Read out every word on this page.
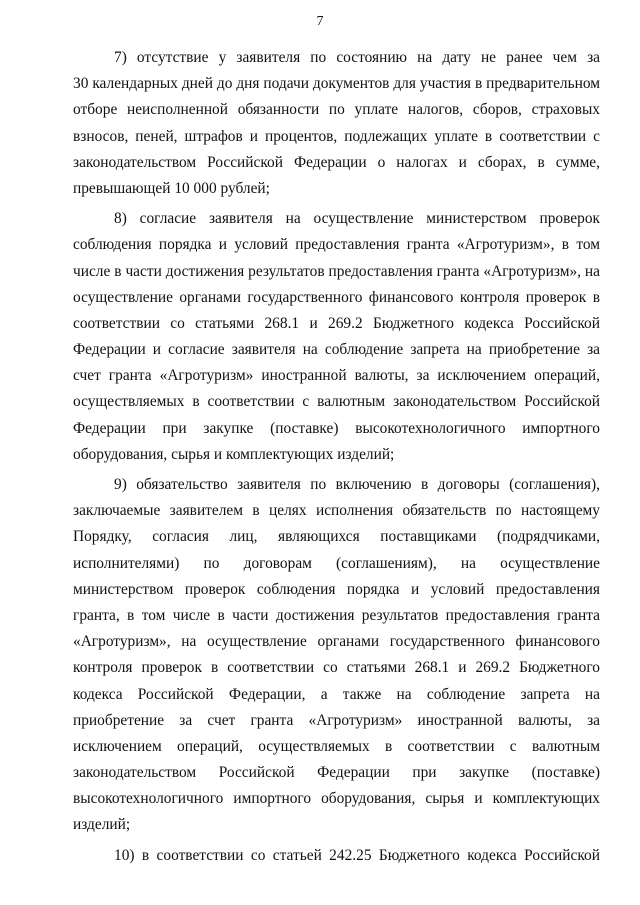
7
7) отсутствие у заявителя по состоянию на дату не ранее чем за
30 календарных дней до дня подачи документов для участия в предварительном
отборе неисполненной обязанности по уплате налогов, сборов, страховых
взносов, пеней, штрафов и процентов, подлежащих уплате в соответствии с
законодательством Российской Федерации о налогах и сборах, в сумме,
превышающей 10 000 рублей;
8) согласие заявителя на осуществление министерством проверок
соблюдения порядка и условий предоставления гранта «Агротуризм», в том
числе в части достижения результатов предоставления гранта «Агротуризм», на
осуществление органами государственного финансового контроля проверок в
соответствии со статьями 268.1 и 269.2 Бюджетного кодекса Российской
Федерации и согласие заявителя на соблюдение запрета на приобретение за
счет гранта «Агротуризм» иностранной валюты, за исключением операций,
осуществляемых в соответствии с валютным законодательством Российской
Федерации при закупке (поставке) высокотехнологичного импортного
оборудования, сырья и комплектующих изделий;
9) обязательство заявителя по включению в договоры (соглашения),
заключаемые заявителем в целях исполнения обязательств по настоящему
Порядку, согласия лиц, являющихся поставщиками (подрядчиками,
исполнителями) по договорам (соглашениям), на осуществление
министерством проверок соблюдения порядка и условий предоставления
гранта, в том числе в части достижения результатов предоставления гранта
«Агротуризм», на осуществление органами государственного финансового
контроля проверок в соответствии со статьями 268.1 и 269.2 Бюджетного
кодекса Российской Федерации, а также на соблюдение запрета на
приобретение за счет гранта «Агротуризм» иностранной валюты, за
исключением операций, осуществляемых в соответствии с валютным
законодательством Российской Федерации при закупке (поставке)
высокотехнологичного импортного оборудования, сырья и комплектующих
изделий;
10) в соответствии со статьей 242.25 Бюджетного кодекса Российской
